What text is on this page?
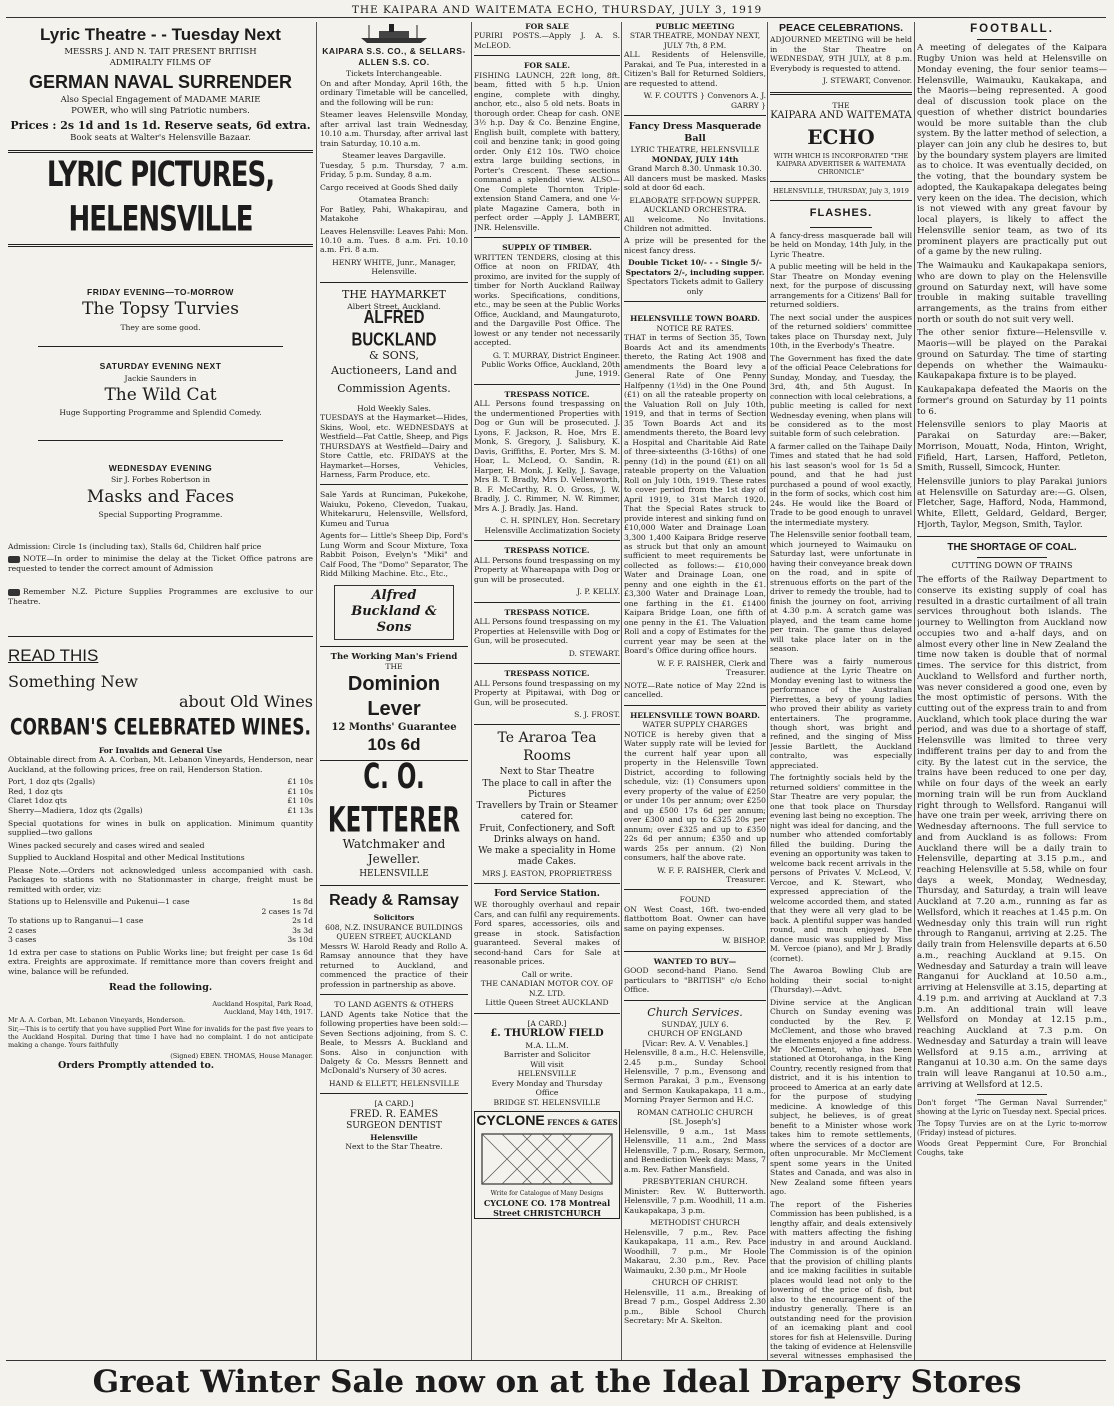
THE KAIPARA AND WAITEMATA ECHO, THURSDAY, JULY 3, 1919
Lyric Theatre - - Tuesday Next
MESSRS J. AND N. TAIT PRESENT BRITISH
ADMIRALTY FILMS OF
GERMAN NAVAL SURRENDER
Also Special Engagement of MADAME MARIE
POWER, who will sing Patriotic numbers.
Prices : 2s 1d and 1s 1d. Reserve seats, 6d extra.
Book seats at Walter's Helensville Bazaar.
LYRIC PICTURES, HELENSVILLE
FRIDAY EVENING—TO-MORROW
The Topsy Turvies
They are some good.
SATURDAY EVENING NEXT
Jackie Saunders in
The Wild Cat
Huge Supporting Programme and Splendid Comedy.
WEDNESDAY EVENING
Sir J. Forbes Robertson in
Masks and Faces
Special Supporting Programme.

Admission: Circle 1s (including tax), Stalls 6d, Children half price

NOTE—In order to minimise the delay at the Ticket Office patrons are requested to tender the correct amount of Admission

Remember N.Z. Picture Supplies Programmes are exclusive to our Theatre.

READ THIS
Something New
about Old Wines
CORBAN'S CELEBRATED WINES.
For Invalids and General Use

Obtainable direct from A. A. Corban, Mt. Lebanon Vineyards, Henderson, near Auckland, at the following prices, free on rail, Henderson Station.

Port, 1 doz qts (2galls)	£1 10s
Red, 1 doz qts	£1 10s
Claret 1doz qts	£1 10s
Sherry—Madiera, 1doz qts (2galls)	£1 13s

Special quotations for wines in bulk on application. Minimum quantity supplied—two gallons

Wines packed securely and cases wired and sealed

Supplied to Auckland Hospital and other Medical Institutions

Please Note.—Orders not acknowledged unless accompanied with cash. Packages to stations with no Stationmaster in charge, freight must be remitted with order, viz:

Stations up to Helensville and Pukenui—1 case	1s 8d
	2 cases 1s 7d
To stations up to Ranganui—1 case	2s 1d
2 cases	3s 3d
3 cases	3s 10d

1d extra per case to stations on Public Works line; but freight per case 1s 6d extra. Freights are approximate. If remittance more than covers freight and wine, balance will be refunded.

Read the following.
Auckland Hospital, Park Road,
Auckland, May 14th, 1917.
Mr A. A. Corban, Mt. Lebanon Vineyards, Henderson.

Sir,—This is to certify that you have supplied Port Wine for invalids for the past five years to the Auckland Hospital. During that time I have had no complaint. I do not anticipate making a change. Yours faithfully

(Signed) EBEN. THOMAS, House Manager.
Orders Promptly attended to.
KAIPARA S.S. CO., & SELLARS-ALLEN S.S. CO.
Tickets Interchangeable.

On and after Monday, April 16th, the ordinary Timetable will be cancelled, and the following will be run:

Steamer leaves Helensville Monday, after arrival last train Wednesday, 10.10 a.m. Thursday, after arrival last train Saturday, 10.10 a.m.

Steamer leaves Dargaville.

Tuesday, 5 p.m. Thursday, 7 a.m. Friday, 5 p.m. Sunday, 8 a.m.

Cargo received at Goods Shed daily

Otamatea Branch:

For Batley, Pahi, Whakapirau, and Matakohe

Leaves Helensville: Leaves Pahi: Mon. 10.10 a.m. Tues. 8 a.m. Fri. 10.10 a.m. Fri. 8 a.m.

HENRY WHITE, Junr., Manager, Helensville.
THE HAYMARKET
Albert Street, Auckland.
ALFRED BUCKLAND
& SONS,
Auctioneers, Land and Commission Agents.
Hold Weekly Sales.

TUESDAYS at the Haymarket—Hides, Skins, Wool, etc. WEDNESDAYS at Westfield—Fat Cattle, Sheep, and Pigs THURSDAYS at Westfield—Dairy and Store Cattle, etc. FRIDAYS at the Haymarket—Horses, Vehicles, Harness, Farm Produce, etc.

Sale Yards at Runciman, Pukekohe, Waiuku, Pokeno, Clevedon, Tuakau, Whitekaruru, Helensville, Wellsford, Kumeu and Turua

Agents for— Little's Sheep Dip, Ford's Lung Worm and Scour Mixture, Toxa Rabbit Poison, Evelyn's "Miki" and Calf Food, The "Domo" Separator, The Ridd Milking Machine. Etc., Etc.,

Alfred Buckland & Sons
The Working Man's Friend
THE
Dominion Lever
12 Months' Guarantee
10s 6d
C. O. KETTERER
Watchmaker and Jeweller.
HELENSVILLE
Ready & Ramsay
Solicitors
608, N.Z. INSURANCE BUILDINGS QUEEN STREET, AUCKLAND

Messrs W. Harold Ready and Rollo A. Ramsay announce that they have returned to Auckland, and commenced the practice of their profession in partnership as above.

TO LAND AGENTS & OTHERS

LAND Agents take Notice that the following properties have been sold:—Seven Sections adjoining, from S. C. Beale, to Messrs A. Buckland and Sons. Also in conjunction with Dalgety & Co. Messrs Bennett and McDonald's Nursery of 30 acres.

HAND & ELLETT, HELENSVILLE
[A CARD.]
FRED. R. EAMES
SURGEON DENTIST
Helensville
Next to the Star Theatre.
FOR SALE

PURIRI POSTS.—Apply J. A. S. McLEOD.

FOR SALE.

FISHING LAUNCH, 22ft long, 8ft. beam, fitted with 5 h.p. Union engine, complete with dinghy, anchor, etc., also 5 old nets. Boats in thorough order. Cheap for cash. ONE 3½ h.p. Day & Co. Benzine Engine, English built, complete with battery, coil and benzine tank; in good going order. Only £12 10s. TWO choice extra large building sections, in Porter's Crescent. These sections command a splendid view. ALSO—One Complete Thornton Triple-extension Stand Camera, and one ¼-plate Magazine Camera, both in perfect order —Apply J. LAMBERT, JNR. Helensville.

SUPPLY OF TIMBER.

WRITTEN TENDERS, closing at this Office at noon on FRIDAY, 4th proximo, are invited for the supply of timber for North Auckland Railway works. Specifications, conditions, etc., may be seen at the Public Works Office, Auckland, and Maungaturoto, and the Dargaville Post Office. The lowest or any tender not necessarily accepted.

G. T. MURRAY, District Engineer. Public Works Office, Auckland, 20th June, 1919.

TRESPASS NOTICE.

ALL Persons found trespassing on the undermentioned Properties with Dog or Gun will be prosecuted. J. Lyons, F. Jackson, R. Hoe, Mrs E. Monk, S. Gregory, J. Salisbury, K. Davis, Griffiths, E. Porter, Mrs S. M. Hoar, L. McLeod, O. Sandin, R. Harper, H. Monk, J. Kelly, J. Savage, Mrs B. T. Bradly, Mrs D. Vellenworth, B. F. McCarthy, R. O. Gross, J. W. Bradly, J. C. Rimmer, N. W. Rimmer, Mrs A. J. Bradly. Jas. Hand.

C. H. SPINLEY, Hon. Secretary Helensville Acclimatization Society

TRESPASS NOTICE.

ALL Persons found trespassing on my Property at Whareapapa with Dog or gun will be prosecuted.

J. P. KELLY.

TRESPASS NOTICE.

ALL Persons found trespassing on my Properties at Helensville with Dog or Gun, will be prosecuted.

D. STEWART.

TRESPASS NOTICE.

ALL Persons found trespassing on my Property at Pipitawai, with Dog or Gun, will be prosecuted.

S. J. FROST.

Te Araroa Tea Rooms
Next to Star Theatre
The place to call in after the Pictures
Travellers by Train or Steamer catered for.
Fruit, Confectionery, and Soft Drinks always on hand.
We make a speciality in Home made Cakes.
MRS J. EASTON, PROPRIETRESS
Ford Service Station.

WE thoroughly overhaul and repair Cars, and can fulfil any requirements. Ford spares, accessories, oils and grease in stock. Satisfaction guaranteed. Several makes of second-hand Cars for Sale at reasonable prices.

Call or write.
THE CANADIAN MOTOR COY. OF N.Z. LTD.
Little Queen Street AUCKLAND
[A CARD.]
£. THURLOW FIELD
M.A. LL.M.
Barrister and Solicitor
Will visit
HELENSVILLE
Every Monday and Thursday
Office
BRIDGE ST. HELENSVILLE
CYCLONE FENCES & GATES
Write for Catalogue of Many Designs
CYCLONE CO. 178 Montreal Street CHRISTCHURCH
PUBLIC MEETING
STAR THEATRE, MONDAY NEXT, JULY 7th, 8 P.M.

ALL Residents of Helensville, Parakai, and Te Pua, interested in a Citizen's Ball for Returned Soldiers, are requested to attend.

W. F. COUTTS } Convenors A. J. GARRY }

Fancy Dress Masquerade Ball
LYRIC THEATRE, HELENSVILLE
MONDAY, JULY 14th
Grand March 8.30. Unmask 10.30.

All dancers must be masked. Masks sold at door 6d each.

ELABORATE SIT-DOWN SUPPER.
AUCKLAND ORCHESTRA.

All welcome. No Invitations. Children not admitted.

A prize will be presented for the nicest fancy dress.

Double Ticket 10/- - - Single 5/- Spectators 2/-, including supper.
Spectators Tickets admit to Gallery only
HELENSVILLE TOWN BOARD.
NOTICE RE RATES.

THAT in terms of Section 35, Town Boards Act and its amendments thereto, the Rating Act 1908 and amendments the Board levy a General Rate of One Penny Halfpenny (1½d) in the One Pound (£1) on all the rateable property on the Valuation Roll on July 10th, 1919, and that in terms of Section 35 Town Boards Act and its amendments thereto, the Board levy a Hospital and Charitable Aid Rate of three-sixteenths (3-16ths) of one penny (1d) in the pound (£1) on all rateable property on the Valuation Roll on July 10th, 1919. These rates to cover period from the 1st day of April 1919, to 31st March 1920. That the Special Rates struck to provide interest and sinking fund on £10,000 Water and Drainage Loan 3,300 1,400 Kaipara Bridge reserve as struck but that only an amount sufficient to meet requirements be collected as follows:— £10,000 Water and Drainage Loan, one penny and one eighth in the £1. £3,300 Water and Drainage Loan, one farthing in the £1. £1400 Kaipara Bridge Loan, one fifth of one penny in the £1. The Valuation Roll and a copy of Estimates for the current year may be seen at the Board's Office during office hours.

W. F. F. RAISHER, Clerk and Treasurer.

NOTE—Rate notice of May 22nd is cancelled.

HELENSVILLE TOWN BOARD.
WATER SUPPLY CHARGES

NOTICE is hereby given that a Water supply rate will be levied for the current half year upon all property in the Helensville Town District, according to following schedule, viz: (1) Consumers upon every property of the value of £250 or under 10s per annum; over £250 and up £500 17s 6d per annum; over £300 and up to £325 20s per annum; over £325 and up to £350 22s 6d per annum; £350 and up wards 25s per annum. (2) Non consumers, half the above rate.

W. F. F. RAISHER, Clerk and Treasurer.

FOUND

ON West Coast, 16ft. two-ended flattbottom Boat. Owner can have same on paying expenses.

W. BISHOP.

WANTED TO BUY—

GOOD second-hand Piano. Send particulars to "BRITISH" c/o Echo Office.

Church Services.
SUNDAY, JULY 6.
CHURCH OF ENGLAND
[Vicar: Rev. A. V. Venables.]

Helensville, 8 a.m., H.C. Helensville, 2.45 p.m., Sunday School Helensville, 7 p.m., Evensong and Sermon Parakai, 3 p.m., Evensong and Sermon Kaukapakapa, 11 a.m., Morning Prayer Sermon and H.C.

ROMAN CATHOLIC CHURCH
[St. Joseph's]

Helensville, 9 a.m., 1st Mass Helensville, 11 a.m., 2nd Mass Helensville, 7 p.m., Rosary, Sermon, and Benediction Week days: Mass, 7 a.m. Rev. Father Mansfield.

PRESBYTERIAN CHURCH.

Minister: Rev. W. Butterworth. Helensville, 7 p.m. Woodhill, 11 a.m. Kaukapakapa, 3 p.m.

METHODIST CHURCH

Helensville, 7 p.m., Rev. Pace Kaukapakapa, 11 a.m., Rev. Pace Woodhill, 7 p.m., Mr Hoole Makarau, 2.30 p.m., Rev. Pace Waimauku, 2.30 p.m., Mr Hoole

CHURCH OF CHRIST.

Helensville, 11 a.m., Breaking of Bread 7 p.m., Gospel Address 2.30 p.m., Bible School Church Secretary: Mr A. Skelton.

PEACE CELEBRATIONS.

ADJOURNED MEETING will be held in the Star Theatre on WEDNESDAY, 9TH JULY, at 8 p.m. Everybody is requested to attend.

J. STEWART, Convenor.

THE
KAIPARA AND WAITEMATA
ECHO
WITH WHICH IS INCORPORATED "THE KAIPARA ADVERTISER & WAITEMATA CHRONICLE"
HELENSVILLE, THURSDAY, July 3, 1919
FLASHES.

A fancy-dress masquerade ball will be held on Monday, 14th July, in the Lyric Theatre.

A public meeting will be held in the Star Theatre on Monday evening next, for the purpose of discussing arrangements for a Citizens' Ball for returned soldiers.

The next social under the auspices of the returned soldiers' committee takes place on Thursday next, July 10th, in the Everbody's Theatre.

The Government has fixed the date of the official Peace Celebrations for Sunday, Monday, and Tuesday, the 3rd, 4th, and 5th August. In connection with local celebrations, a public meeting is called for next Wednesday evening, when plans will be considered as to the most suitable form of such celebration.

A farmer called on the Taihape Daily Times and stated that he had sold his last season's wool for 1s 5d a pound, and that he had just purchased a pound of wool exactly, in the form of socks, which cost him 24s. He would like the Board of Trade to be good enough to unravel the intermediate mystery.

The Helensville senior football team, which journeyed to Waimauku on Saturday last, were unfortunate in having their conveyance break down on the road, and in spite of strenuous efforts on the part of the driver to remedy the trouble, had to finish the journey on foot, arriving at 4.30 p.m. A scratch game was played, and the team came home per train. The game thus delayed will take place later on in the season.

There was a fairly numerous audience at the Lyric Theatre on Monday evening last to witness the performance of the Australian Pierrettes, a bevy of young ladies who proved their ability as variety entertainers. The programme, though short, was bright and refined, and the singing of Miss Jessie Bartlett, the Auckland contralto, was especially appreciated.

The fortnightly socials held by the returned soldiers' committee in the Star Theatre are very popular, the one that took place on Thursday evening last being no exception. The night was ideal for dancing, and the number who attended comfortably filled the building. During the evening an opportunity was taken to welcome back recent arrivals in the persons of Privates V. McLeod, V. Vercoe, and K. Stewart, who expressed appreciation of the welcome accorded them, and stated that they were all very glad to be back. A plentiful supper was handed round, and much enjoyed. The dance music was supplied by Miss M. Vercoe (piano), and Mr J. Bradly (cornet).

The Awaroa Bowling Club are holding their social to-night (Thursday).—Advt.

Divine service at the Anglican Church on Sunday evening was conducted by the Rev. F. McClement, and those who braved the elements enjoyed a fine address. Mr McClement, who has been stationed at Otorohanga, in the King Country, recently resigned from that district, and it is his intention to proceed to America at an early date for the purpose of studying medicine. A knowledge of this subject, he believes, is of great benefit to a Minister whose work takes him to remote settlements, where the services of a doctor are often unprocurable. Mr McClement spent some years in the United States and Canada, and was also in New Zealand some fifteen years ago.

The report of the Fisheries Commission has been published, is a lengthy affair, and deals extensively with matters affecting the fishing industry in and around Auckland. The Commission is of the opinion that the provision of chilling plants and ice making facilities in suitable places would lead not only to the lowering of the price of fish, but also to the encouragement of the industry generally. There is an outstanding need for the provision of an icemaking plant and cool stores for fish at Helensville. During the taking of evidence at Helensville several witnesses emphasised the

FOOTBALL.

A meeting of delegates of the Kaipara Rugby Union was held at Helensville on Monday evening, the four senior teams—Helensville, Waimauku, Kaukakapa, and the Maoris—being represented. A good deal of discussion took place on the question of whether district boundaries would be more suitable than the club system. By the latter method of selection, a player can join any club he desires to, but by the boundary system players are limited as to choice. It was eventually decided, on the voting, that the boundary system be adopted, the Kaukapakapa delegates being very keen on the idea. The decision, which is not viewed with any great favour by local players, is likely to affect the Helensville senior team, as two of its prominent players are practically put out of a game by the new ruling.

The Waimauku and Kaukapakapa seniors, who are down to play on the Helensville ground on Saturday next, will have some trouble in making suitable travelling arrangements, as the trains from either north or south do not suit very well.

The other senior fixture—Helensville v. Maoris—will be played on the Parakai ground on Saturday. The time of starting depends on whether the Waimauku-Kaukapakapa fixture is to be played.

Kaukapakapa defeated the Maoris on the former's ground on Saturday by 11 points to 6.

Helensville seniors to play Maoris at Parakai on Saturday are:—Baker, Morrison, Mouatt, Noda, Hinton, Wright, Fifield, Hart, Larsen, Hafford, Petleton, Smith, Russell, Simcock, Hunter.

Helensville juniors to play Parakai juniors at Helensville on Saturday are:—G. Olsen, Fletcher, Sage, Hafford, Noda, Hammond, White, Ellett, Geldard, Geldard, Berger, Hjorth, Taylor, Megson, Smith, Taylor.

THE SHORTAGE OF COAL.
CUTTING DOWN OF TRAINS

The efforts of the Railway Department to conserve its existing supply of coal has resulted in a drastic curtailment of all train services throughout both islands. The journey to Wellington from Auckland now occupies two and a-half days, and on almost every other line in New Zealand the time now taken is double that of normal times. The service for this district, from Auckland to Wellsford and further north, was never considered a good one, even by the most optimistic of persons. With the cutting out of the express train to and from Auckland, which took place during the war period, and was due to a shortage of staff, Helensville was limited to three very indifferent trains per day to and from the city. By the latest cut in the service, the trains have been reduced to one per day, while on four days of the week an early morning train will be run from Auckland right through to Wellsford. Ranganui will have one train per week, arriving there on Wednesday afternoons. The full service to and from Auckland is as follows: From Auckland there will be a daily train to Helensville, departing at 3.15 p.m., and reaching Helensville at 5.58, while on four days a week, Monday, Wednesday, Thursday, and Saturday, a train will leave Auckland at 7.20 a.m., running as far as Wellsford, which it reaches at 1.45 p.m. On Wednesday only this train will run right through to Ranganui, arriving at 2.25. The daily train from Helensville departs at 6.50 a.m., reaching Auckland at 9.15. On Wednesday and Saturday a train will leave Ranganui for Auckland at 10.50 a.m., arriving at Helensville at 3.15, departing at 4.19 p.m. and arriving at Auckland at 7.3 p.m. An additional train will leave Wellsford on Monday at 12.15 p.m., reaching Auckland at 7.3 p.m. On Wednesday and Saturday a train will leave Wellsford at 9.15 a.m., arriving at Ranganui at 10.30 a.m. On the same days train will leave Ranganui at 10.50 a.m., arriving at Wellsford at 12.5.

Don't forget "The German Naval Surrender," showing at the Lyric on Tuesday next. Special prices.

The Topsy Turvies are on at the Lyric to-morrow (Friday) instead of pictures.

Woods Great Peppermint Cure, For Bronchial Coughs, take

Great Winter Sale now on at the Ideal Drapery Stores
